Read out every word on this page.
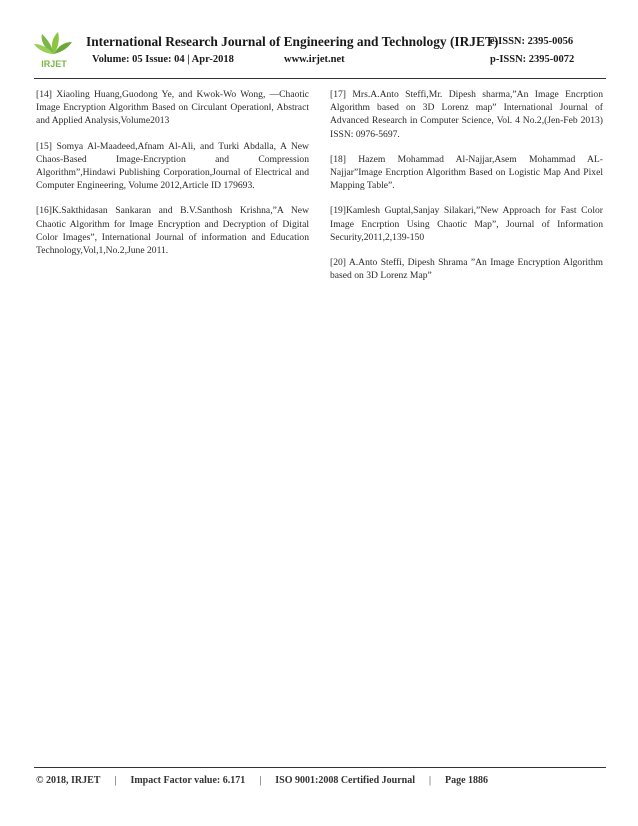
IRJET
International Research Journal of Engineering and Technology (IRJET)
e-ISSN: 2395-0056
Volume: 05 Issue: 04 | Apr-2018	www.irjet.net	p-ISSN: 2395-0072

[14] Xiaoling Huang,Guodong Ye, and Kwok-Wo Wong, ―Chaotic Image Encryption Algorithm Based on Circulant Operation‖, Abstract and Applied Analysis,Volume2013

[15] Somya Al-Maadeed,Afnam Al-Ali, and Turki Abdalla, A New Chaos-Based Image-Encryption and Compression Algorithm”,Hindawi Publishing Corporation,Journal of Electrical and Computer Engineering, Volume 2012,Article ID 179693.

[16]K.Sakthidasan Sankaran and B.V.Santhosh Krishna,”A New Chaotic Algorithm for Image Encryption and Decryption of Digital Color Images”, International Journal of information and Education Technology,Vol,1,No.2,June 2011.

[17] Mrs.A.Anto Steffi,Mr. Dipesh sharma,”An Image Encrption Algorithm based on 3D Lorenz map” International Journal of Advanced Research in Computer Science, Vol. 4 No.2,(Jen-Feb 2013) ISSN: 0976-5697.

[18] Hazem Mohammad Al-Najjar,Asem Mohammad AL-Najjar”Image Encrption Algorithm Based on Logistic Map And Pixel Mapping Table”.

[19]Kamlesh Guptal,Sanjay Silakari,”New Approach for Fast Color Image Encrption Using Chaotic Map”, Journal of Information Security,2011,2,139-150

[20] A.Anto Steffi, Dipesh Shrama ”An Image Encryption Algorithm based on 3D Lorenz Map”

© 2018, IRJET | Impact Factor value: 6.171 | ISO 9001:2008 Certified Journal | Page 1886
